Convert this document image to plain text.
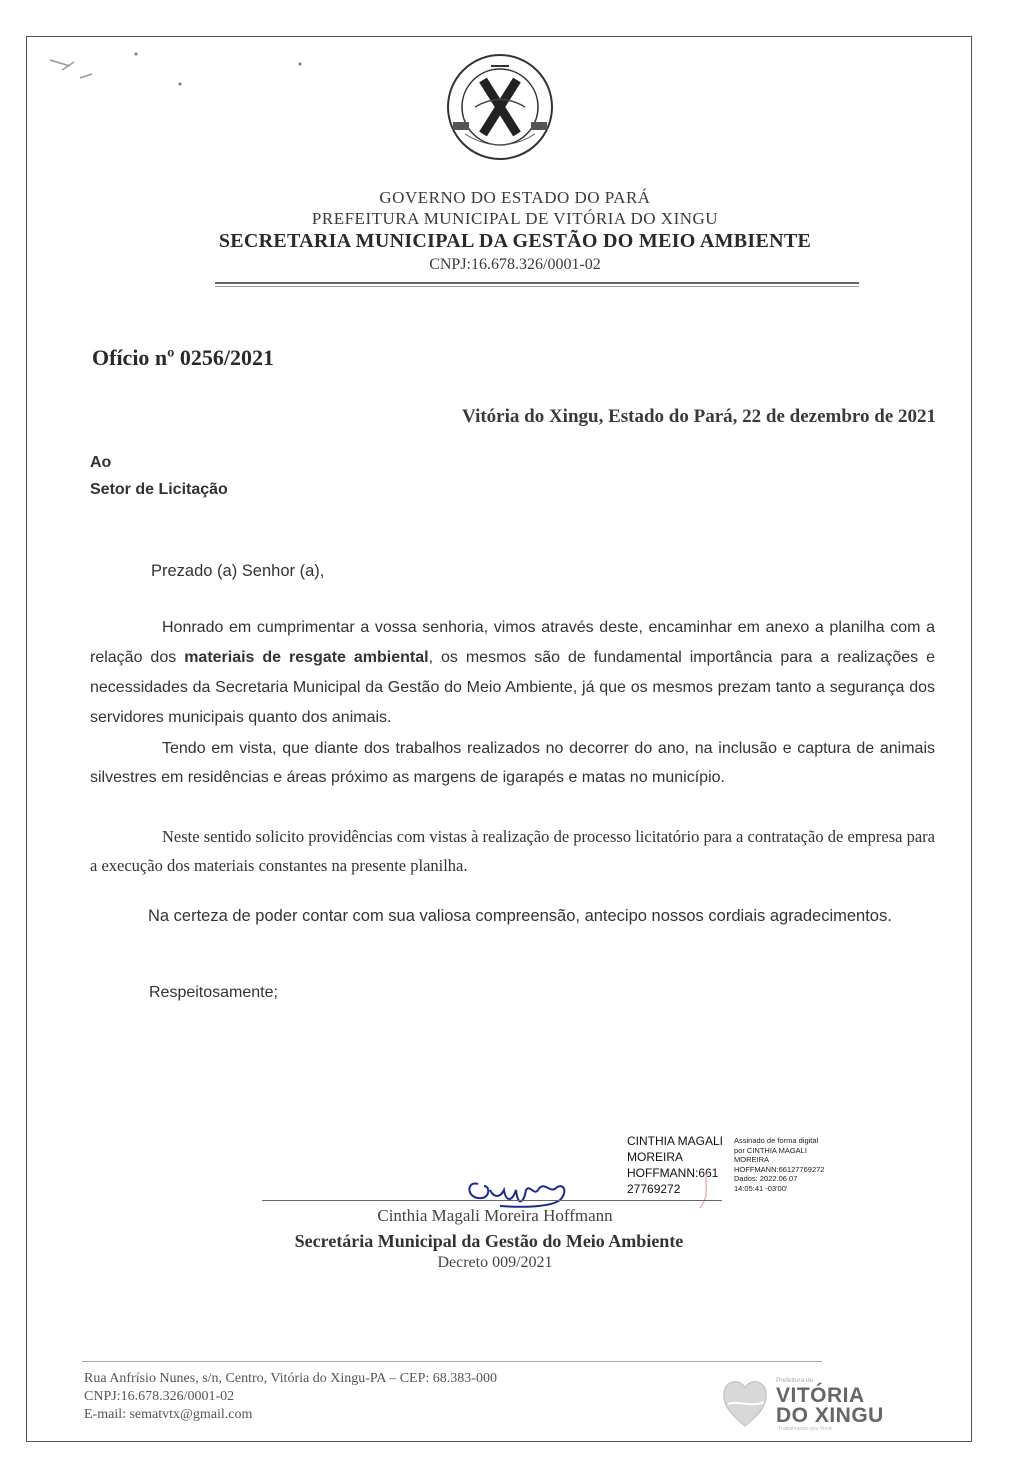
GOVERNO DO ESTADO DO PARÁ
PREFEITURA MUNICIPAL DE VITÓRIA DO XINGU
SECRETARIA MUNICIPAL DA GESTÃO DO MEIO AMBIENTE
CNPJ:16.678.326/0001-02
Ofício nº 0256/2021
Vitória do Xingu, Estado do Pará, 22 de dezembro de 2021
Ao
Setor de Licitação
Prezado (a) Senhor (a),
Honrado em cumprimentar a vossa senhoria, vimos através deste, encaminhar em anexo a planilha com a relação dos materiais de resgate ambiental, os mesmos são de fundamental importância para a realizações e necessidades da Secretaria Municipal da Gestão do Meio Ambiente, já que os mesmos prezam tanto a segurança dos servidores municipais quanto dos animais.
Tendo em vista, que diante dos trabalhos realizados no decorrer do ano, na inclusão e captura de animais silvestres em residências e áreas próximo as margens de igarapés e matas no município.
Neste sentido solicito providências com vistas à realização de processo licitatório para a contratação de empresa para a execução dos materiais constantes na presente planilha.
Na certeza de poder contar com sua valiosa compreensão, antecipo nossos cordiais agradecimentos.
Respeitosamente;
CINTHIA MAGALI
MOREIRA
HOFFMANN:661
27769272
Assinado de forma digital
por CINTHIA MAGALI
MOREIRA
HOFFMANN:66127769272
Dados: 2022.06.07
14:05:41 -03'00'
Cinthia Magali Moreira Hoffmann
Secretária Municipal da Gestão do Meio Ambiente
Decreto 009/2021
Rua Anfrísio Nunes, s/n, Centro, Vitória do Xingu-PA – CEP: 68.383-000
CNPJ:16.678.326/0001-02
E-mail: sematvtx@gmail.com
Prefeitura de
VITÓRIA
DO XINGU
Trabalhando pra Você
